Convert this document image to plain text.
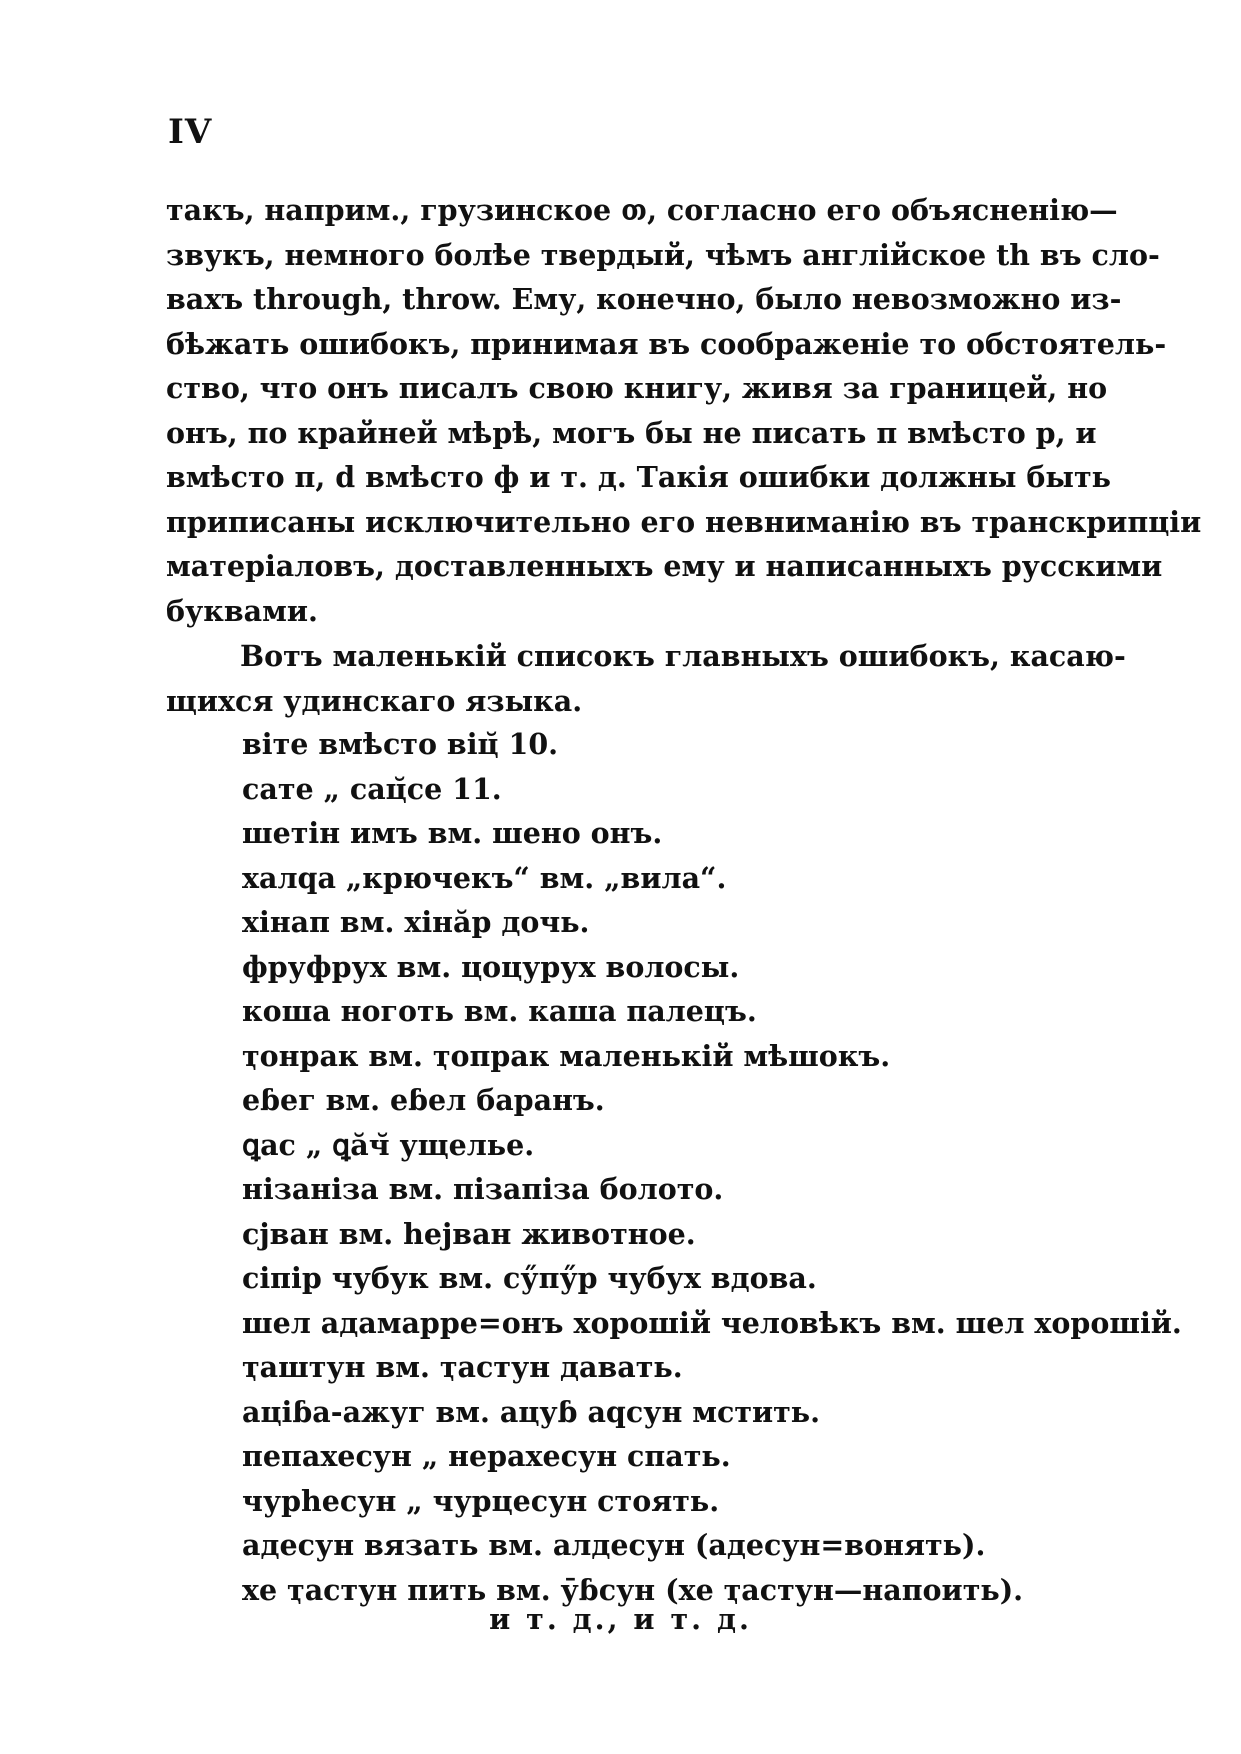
IV

такъ, наприм., грузинское თ, согласно его объясненію—
звукъ, немного болѣе твердый, чѣмъ англійское th въ сло-
вахъ through, throw. Ему, конечно, было невозможно из-
бѣжать ошибокъ, принимая въ соображеніе то обстоятель-
ство, что онъ писалъ свою книгу, живя за границей, но
онъ, по крайней мѣрѣ, могъ бы не писать п вмѣсто р, и
вмѣсто п, d вмѣсто ф и т. д. Такія ошибки должны быть
приписаны исключительно его невниманію въ транскрипціи
матеріаловъ, доставленныхъ ему и написанныхъ русскими
буквами.

Вотъ маленькій списокъ главныхъ ошибокъ, касаю-
щихся удинскаго языка.

віте вмѣсто віц̆ 10.
сате „ сац̆се 11.
шетін имъ вм. шено онъ.
халqа „крючекъ“ вм. „вила“.
хінап вм. хінăр дочь.
фруфрух вм. цоцурух волосы.
коша ноготь вм. каша палецъ.
ҭонрак вм. ҭопрак маленькій мѣшокъ.
еɓег вм. еɓел баранъ.
ꝗас „ ꝗăч̆ ущелье.
нізаніза вм. пізапіза болото.
сјван вм. һејван животное.
сіпір чубук вм. сӳпӳр чубух вдова.
шел адамарре=онъ хорошій человѣкъ вм. шел хорошій.
ҭаштун вм. ҭастун давать.
аціɓа-ажуг вм. ацуɓ аqсун мстить.
пепахесун „ нерахесун спать.
чурһесун „ чурцесун стоять.
адесун вязать вм. алдесун (адесун=вонять).
хе ҭастун пить вм. ӯɓсун (хе ҭастун—напоить).
и т. д., и т. д.
